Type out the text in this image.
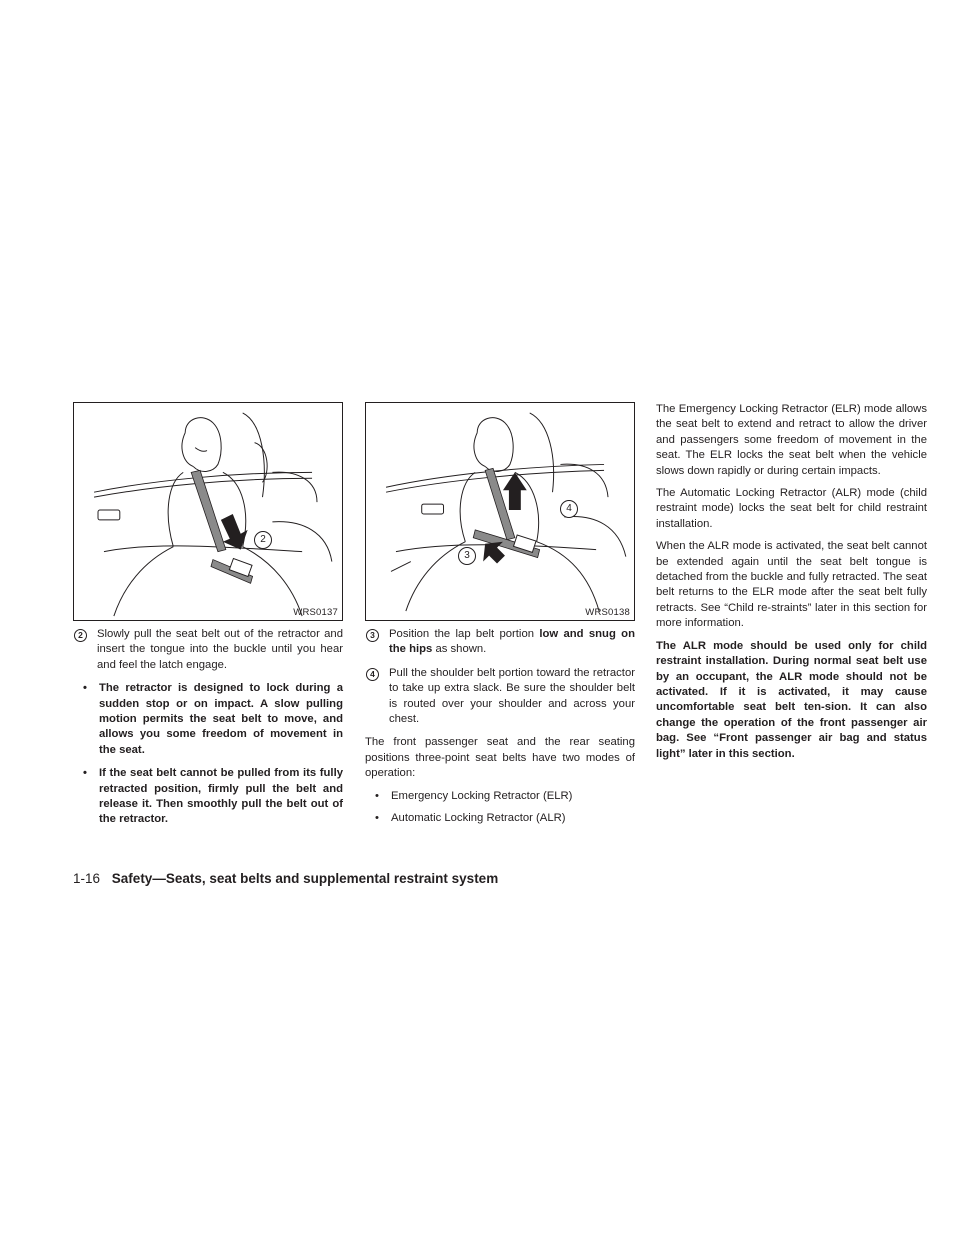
2
WRS0137
2	Slowly pull the seat belt out of the retractor and insert the tongue into the buckle until you hear and feel the latch engage.
• The retractor is designed to lock during a sudden stop or on impact. A slow pulling motion permits the seat belt to move, and allows you some freedom of movement in the seat.
• If the seat belt cannot be pulled from its fully retracted position, firmly pull the belt and release it. Then smoothly pull the belt out of the retractor.
4
3
WRS0138
3	Position the lap belt portion low and snug on the hips as shown.
4	Pull the shoulder belt portion toward the retractor to take up extra slack. Be sure the shoulder belt is routed over your shoulder and across your chest.

The front passenger seat and the rear seating positions three-point seat belts have two modes of operation:

• Emergency Locking Retractor (ELR)
• Automatic Locking Retractor (ALR)

The Emergency Locking Retractor (ELR) mode allows the seat belt to extend and retract to allow the driver and passengers some freedom of movement in the seat. The ELR locks the seat belt when the vehicle slows down rapidly or during certain impacts.

The Automatic Locking Retractor (ALR) mode (child restraint mode) locks the seat belt for child restraint installation.

When the ALR mode is activated, the seat belt cannot be extended again until the seat belt tongue is detached from the buckle and fully retracted. The seat belt returns to the ELR mode after the seat belt fully retracts. See “Child re-straints” later in this section for more information.

The ALR mode should be used only for child restraint installation. During normal seat belt use by an occupant, the ALR mode should not be activated. If it is activated, it may cause uncomfortable seat belt ten-sion. It can also change the operation of the front passenger air bag. See “Front passenger air bag and status light” later in this section.

1-16 Safety—Seats, seat belts and supplemental restraint system
